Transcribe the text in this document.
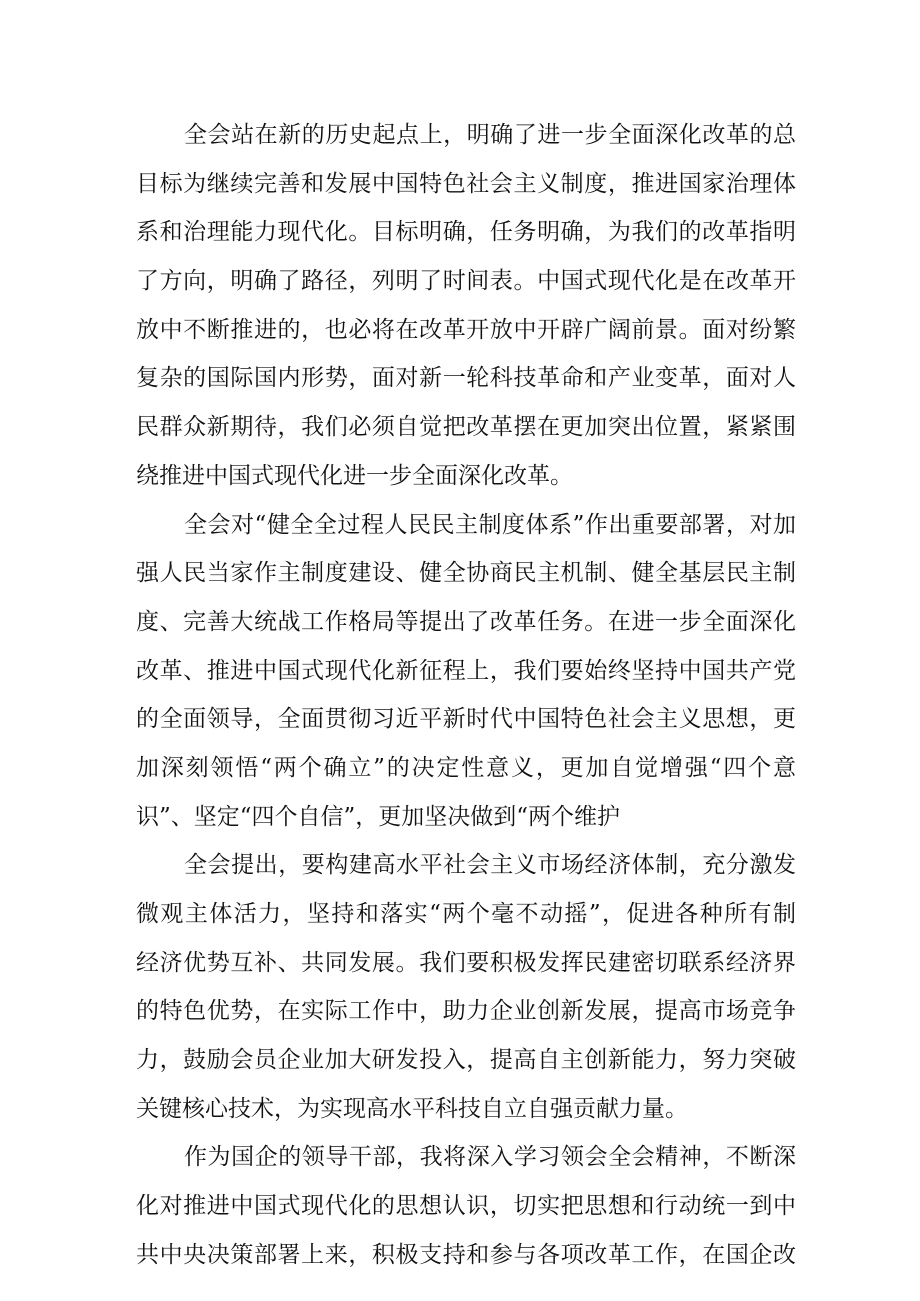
全会站在新的历史起点上，明确了进一步全面深化改革的总
目标为继续完善和发展中国特色社会主义制度，推进国家治理体
系和治理能力现代化。目标明确，任务明确，为我们的改革指明
了方向，明确了路径，列明了时间表。中国式现代化是在改革开
放中不断推进的，也必将在改革开放中开辟广阔前景。面对纷繁
复杂的国际国内形势，面对新一轮科技革命和产业变革，面对人
民群众新期待，我们必须自觉把改革摆在更加突出位置，紧紧围
绕推进中国式现代化进一步全面深化改革。
全会对“健全全过程人民民主制度体系”作出重要部署，对加
强人民当家作主制度建设、健全协商民主机制、健全基层民主制
度、完善大统战工作格局等提出了改革任务。在进一步全面深化
改革、推进中国式现代化新征程上，我们要始终坚持中国共产党
的全面领导，全面贯彻习近平新时代中国特色社会主义思想，更
加深刻领悟“两个确立”的决定性意义，更加自觉增强“四个意
识”、坚定“四个自信”，更加坚决做到“两个维护
全会提出，要构建高水平社会主义市场经济体制，充分激发
微观主体活力，坚持和落实“两个毫不动摇”，促进各种所有制
经济优势互补、共同发展。我们要积极发挥民建密切联系经济界
的特色优势，在实际工作中，助力企业创新发展，提高市场竞争
力，鼓励会员企业加大研发投入，提高自主创新能力，努力突破
关键核心技术，为实现高水平科技自立自强贡献力量。
作为国企的领导干部，我将深入学习领会全会精神，不断深
化对推进中国式现代化的思想认识，切实把思想和行动统一到中
共中央决策部署上来，积极支持和参与各项改革工作，在国企改
